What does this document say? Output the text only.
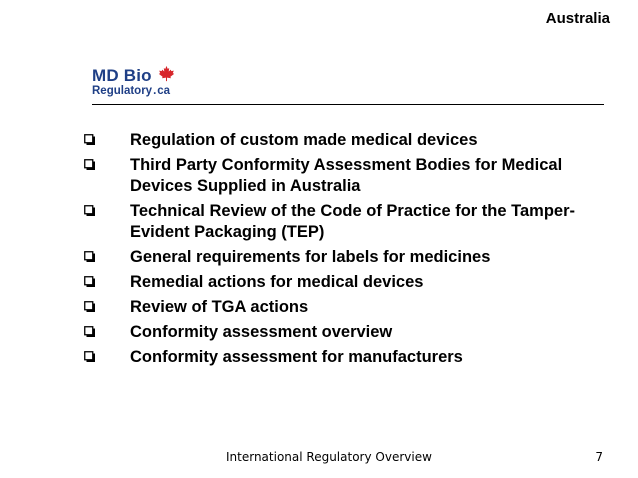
Australia
MD Bio
Regulatory.ca
Regulation of custom made medical devices
Third Party Conformity Assessment Bodies for Medical Devices Supplied in Australia
Technical Review of the Code of Practice for the Tamper-Evident Packaging (TEP)
General requirements for labels for medicines
Remedial actions for medical devices
Review of TGA actions
Conformity assessment overview
Conformity assessment for manufacturers
International Regulatory Overview	7
